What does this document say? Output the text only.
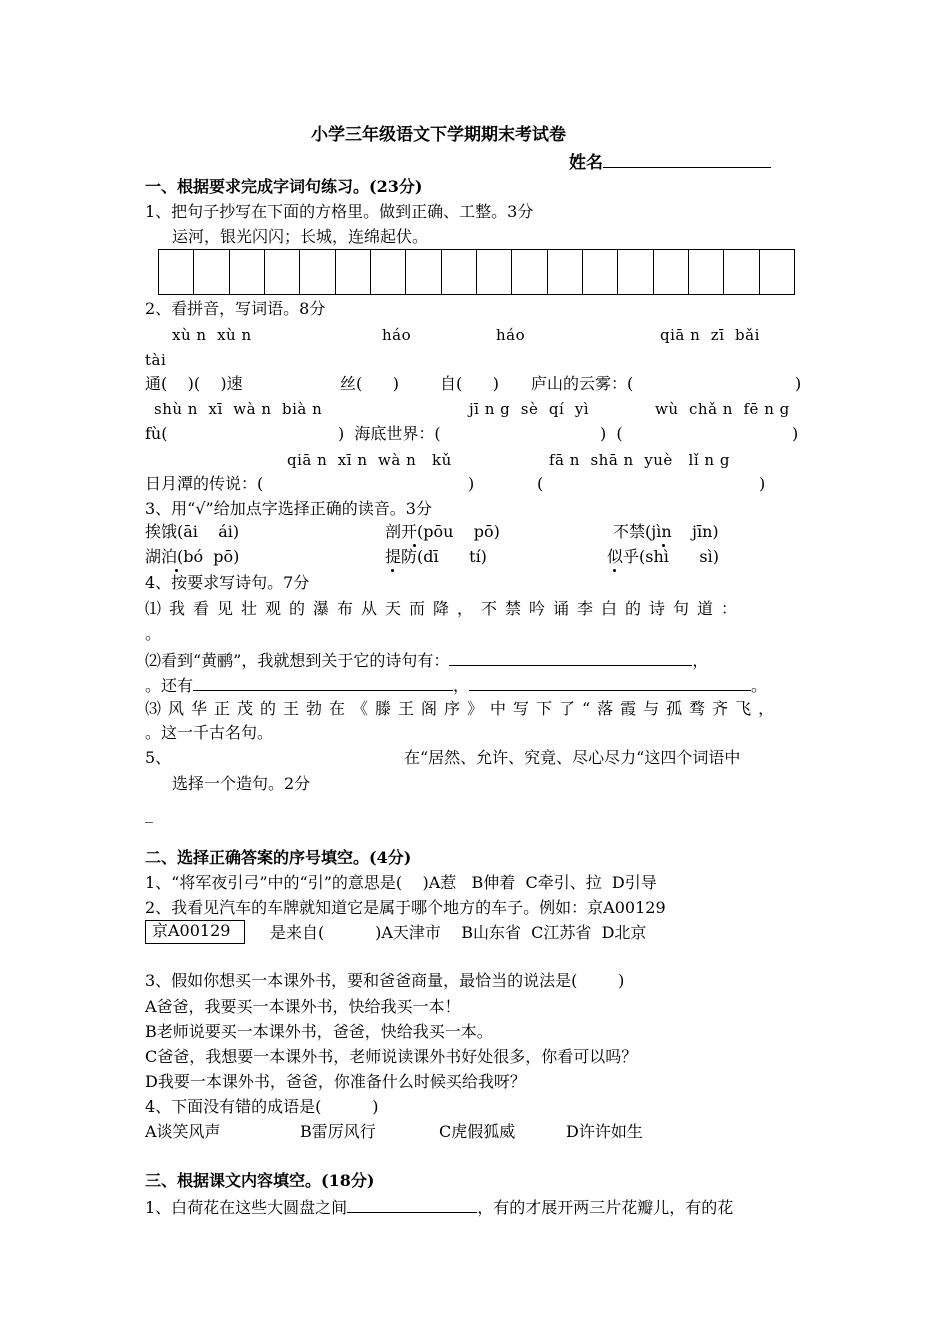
小学三年级语文下学期期末考试卷
姓名
一、根据要求完成字词句练习。(23分)
1、把句子抄写在下面的方格里。做到正确、工整。3分
运河，银光闪闪；长城，连绵起伏。
2、看拼音，写词语。8分
xù n  xù n	háo	háo	qiā n  zī  bǎi
tài
通(    )(    )速	丝(      )	自(      ) 庐山的云雾：(	)
shù n  xī  wà n  bià n	jī n g  sè  qí  yì	wù  chǎ n  fē n g
fù(	)  海底世界：(	)  (	)
qiā n  xī n  wà n   kǔ	fā n  shā n  yuè   lǐ n g
日月潭的传说：(	)	(	)
3、用“√”给加点字选择正确的读音。3分
挨饿(āi    ái)	剖开(pōu    pō)	不禁(jìn    jīn)
湖泊(bó  pō)	提防(dī      tí)	似乎(shì      sì)
4、按要求写诗句。7分
⑴我看见壮观的瀑布从天而降，不禁吟诵李白的诗句道：
。
⑵看到“黄鹂”，我就想到关于它的诗句有：	，
。还有	，	。
⑶风华正茂的王勃在《滕王阁序》中写下了“落霞与孤骛齐飞，
。这一千古名句。
5、	在“居然、允许、究竟、尽心尽力“这四个词语中
选择一个造句。2分
_
二、选择正确答案的序号填空。(4分)
1、“将军夜引弓”中的“引”的意思是(    )A惹   B伸着  C牵引、拉  D引导
2、我看见汽车的车牌就知道它是属于哪个地方的车子。例如：京A00129
京A00129 是来自(          )A天津市    B山东省  C江苏省  D北京
3、假如你想买一本课外书，要和爸爸商量，最恰当的说法是(        )
A爸爸，我要买一本课外书，快给我买一本！
B老师说要买一本课外书，爸爸，快给我买一本。
C爸爸，我想要一本课外书，老师说读课外书好处很多，你看可以吗？
D我要一本课外书，爸爸，你准备什么时候买给我呀？
4、下面没有错的成语是(          )
A谈笑风声	B雷厉风行	C虎假狐威	D许许如生
三、根据课文内容填空。(18分)
1、白荷花在这些大圆盘之间	，有的才展开两三片花瓣儿，有的花
